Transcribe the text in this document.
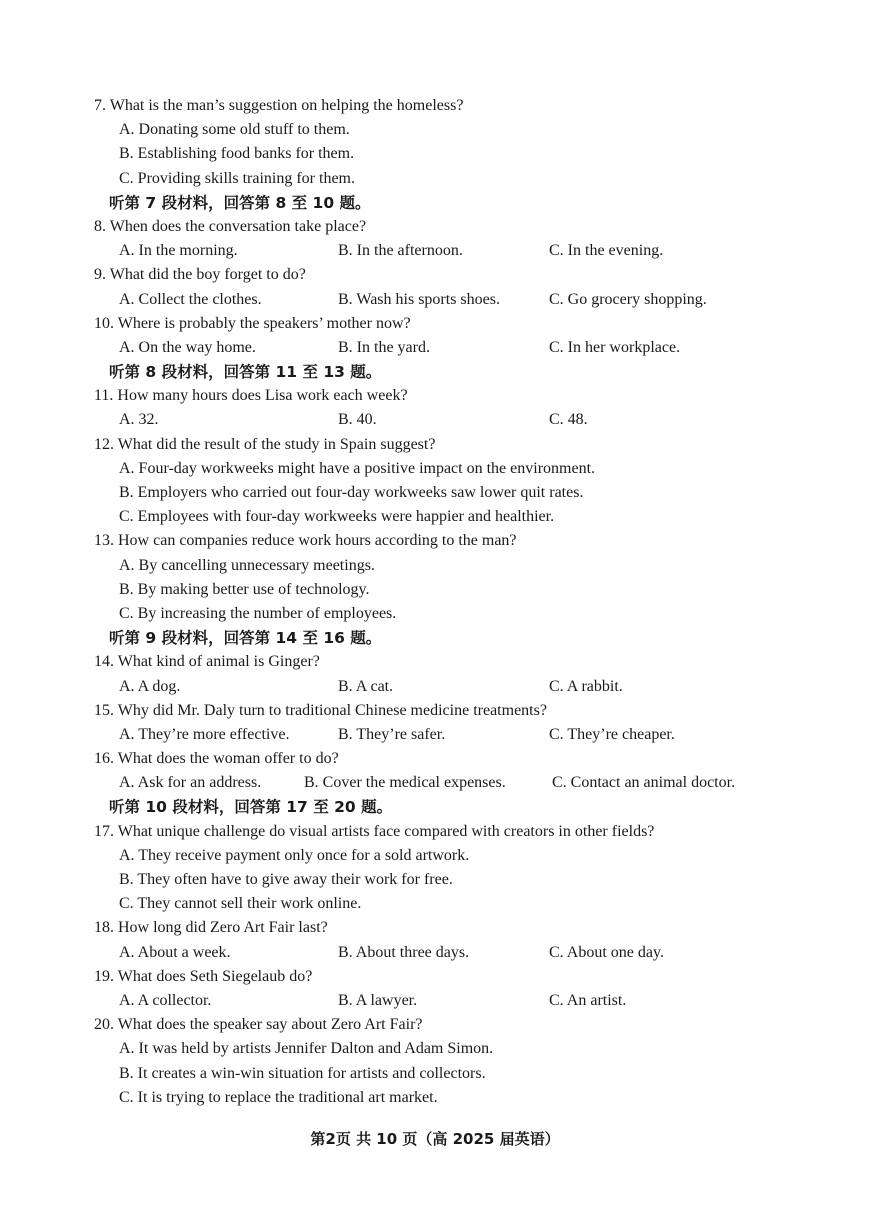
7. What is the man’s suggestion on helping the homeless?
A. Donating some old stuff to them.
B. Establishing food banks for them.
C. Providing skills training for them.
听第 7 段材料，回答第 8 至 10 题。
8. When does the conversation take place?
A. In the morning.	B. In the afternoon.	C. In the evening.
9. What did the boy forget to do?
A. Collect the clothes.	B. Wash his sports shoes.	C. Go grocery shopping.
10. Where is probably the speakers’ mother now?
A. On the way home.	B. In the yard.	C. In her workplace.
听第 8 段材料，回答第 11 至 13 题。
11. How many hours does Lisa work each week?
A. 32.	B. 40.	C. 48.
12. What did the result of the study in Spain suggest?
A. Four-day workweeks might have a positive impact on the environment.
B. Employers who carried out four-day workweeks saw lower quit rates.
C. Employees with four-day workweeks were happier and healthier.
13. How can companies reduce work hours according to the man?
A. By cancelling unnecessary meetings.
B. By making better use of technology.
C. By increasing the number of employees.
听第 9 段材料，回答第 14 至 16 题。
14. What kind of animal is Ginger?
A. A dog.	B. A cat.	C. A rabbit.
15. Why did Mr. Daly turn to traditional Chinese medicine treatments?
A. They’re more effective.	B. They’re safer.	C. They’re cheaper.
16. What does the woman offer to do?
A. Ask for an address.	B. Cover the medical expenses.	C. Contact an animal doctor.
听第 10 段材料，回答第 17 至 20 题。
17. What unique challenge do visual artists face compared with creators in other fields?
A. They receive payment only once for a sold artwork.
B. They often have to give away their work for free.
C. They cannot sell their work online.
18. How long did Zero Art Fair last?
A. About a week.	B. About three days.	C. About one day.
19. What does Seth Siegelaub do?
A. A collector.	B. A lawyer.	C. An artist.
20. What does the speaker say about Zero Art Fair?
A. It was held by artists Jennifer Dalton and Adam Simon.
B. It creates a win-win situation for artists and collectors.
C. It is trying to replace the traditional art market.
第2页 共 10 页（高 2025 届英语）
